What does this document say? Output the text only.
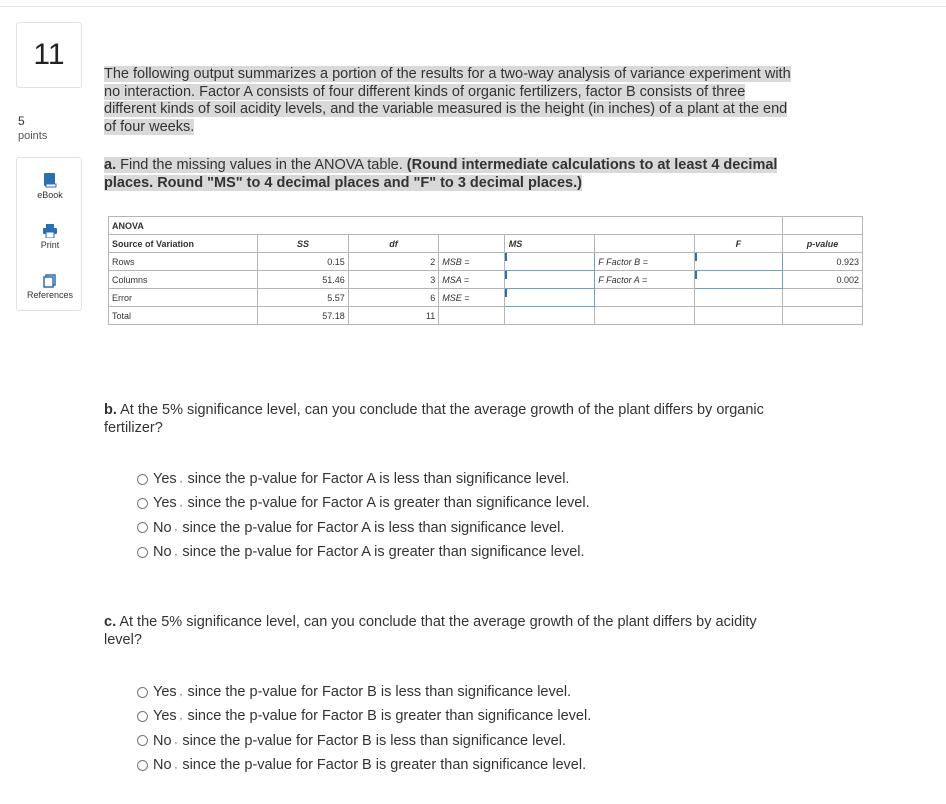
11
5
points
eBook
Print
References
The following output summarizes a portion of the results for a two-way analysis of variance experiment with
no interaction. Factor A consists of four different kinds of organic fertilizers, factor B consists of three
different kinds of soil acidity levels, and the variable measured is the height (in inches) of a plant at the end
of four weeks.
a. Find the missing values in the ANOVA table. (Round intermediate calculations to at least 4 decimal
places. Round "MS" to 4 decimal places and "F" to 3 decimal places.)
ANOVA							
Source of Variation	SS	df		MS		F	p-value
Rows	0.15	2	MSB =		F Factor B =		0.923
Columns	51.46	3	MSA =		F Factor A =		0.002
Error	5.57	6	MSE =				
Total	57.18	11					
b. At the 5% significance level, can you conclude that the average growth of the plant differs by organic
fertilizer?
Yes , since the p-value for Factor A is less than significance level.
Yes , since the p-value for Factor A is greater than significance level.
No , since the p-value for Factor A is less than significance level.
No , since the p-value for Factor A is greater than significance level.
c. At the 5% significance level, can you conclude that the average growth of the plant differs by acidity
level?
Yes , since the p-value for Factor B is less than significance level.
Yes , since the p-value for Factor B is greater than significance level.
No , since the p-value for Factor B is less than significance level.
No , since the p-value for Factor B is greater than significance level.
